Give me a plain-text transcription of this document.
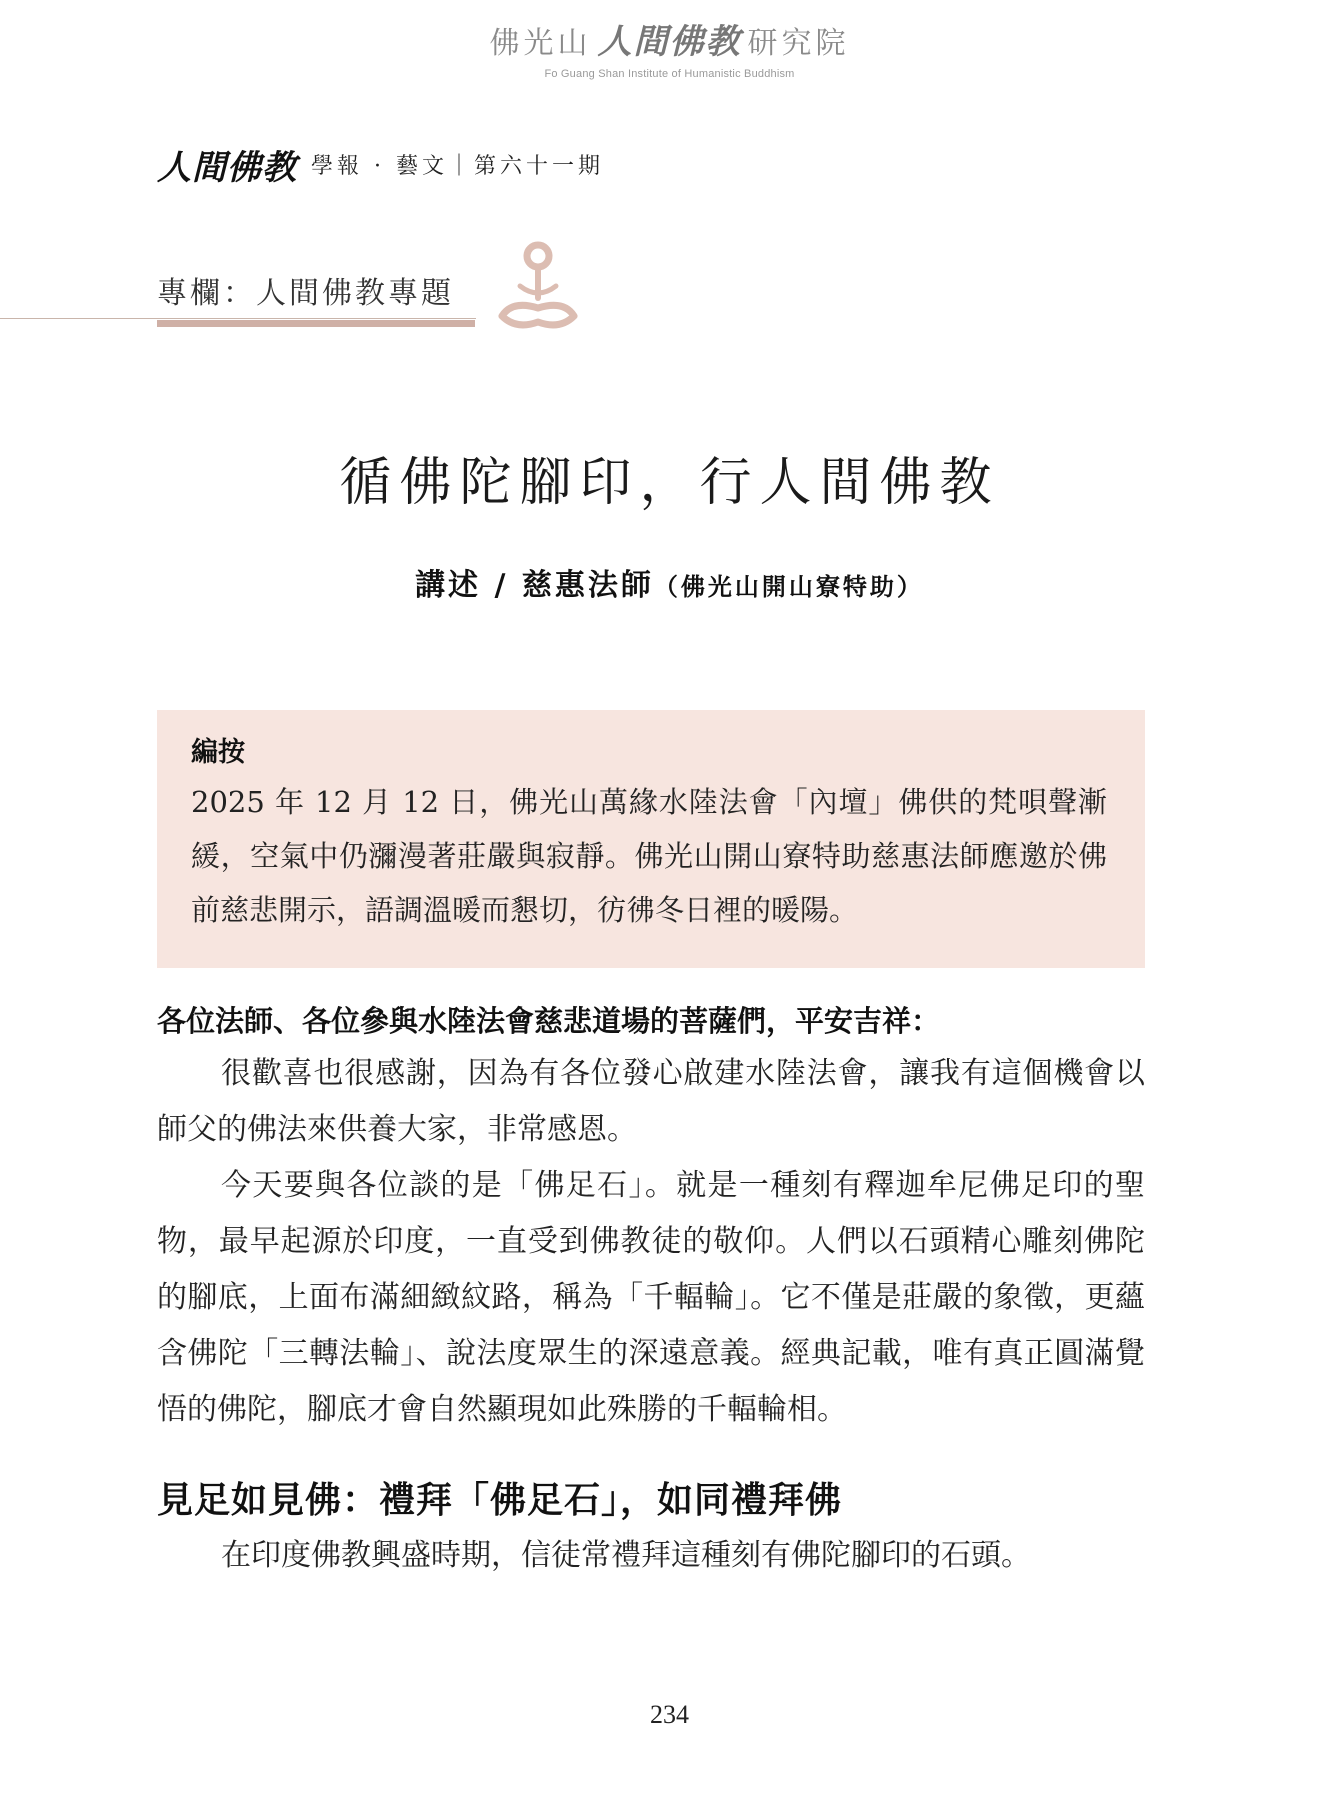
佛光山 人間佛教 研究院
Fo Guang Shan Institute of Humanistic Buddhism
人間佛教 學報 · 藝文｜第六十一期
專欄：人間佛教專題
循佛陀腳印，行人間佛教
講述 / 慈惠法師（佛光山開山寮特助）
編按
2025 年 12 月 12 日，佛光山萬緣水陸法會「內壇」佛供的梵唄聲漸緩，空氣中仍瀰漫著莊嚴與寂靜。佛光山開山寮特助慈惠法師應邀於佛前慈悲開示，語調溫暖而懇切，彷彿冬日裡的暖陽。
各位法師、各位參與水陸法會慈悲道場的菩薩們，平安吉祥：

很歡喜也很感謝，因為有各位發心啟建水陸法會，讓我有這個機會以師父的佛法來供養大家，非常感恩。

今天要與各位談的是「佛足石」。就是一種刻有釋迦牟尼佛足印的聖物，最早起源於印度，一直受到佛教徒的敬仰。人們以石頭精心雕刻佛陀的腳底，上面布滿細緻紋路，稱為「千輻輪」。它不僅是莊嚴的象徵，更蘊含佛陀「三轉法輪」、說法度眾生的深遠意義。經典記載，唯有真正圓滿覺悟的佛陀，腳底才會自然顯現如此殊勝的千輻輪相。

見足如見佛：禮拜「佛足石」，如同禮拜佛

在印度佛教興盛時期，信徒常禮拜這種刻有佛陀腳印的石頭。

234
